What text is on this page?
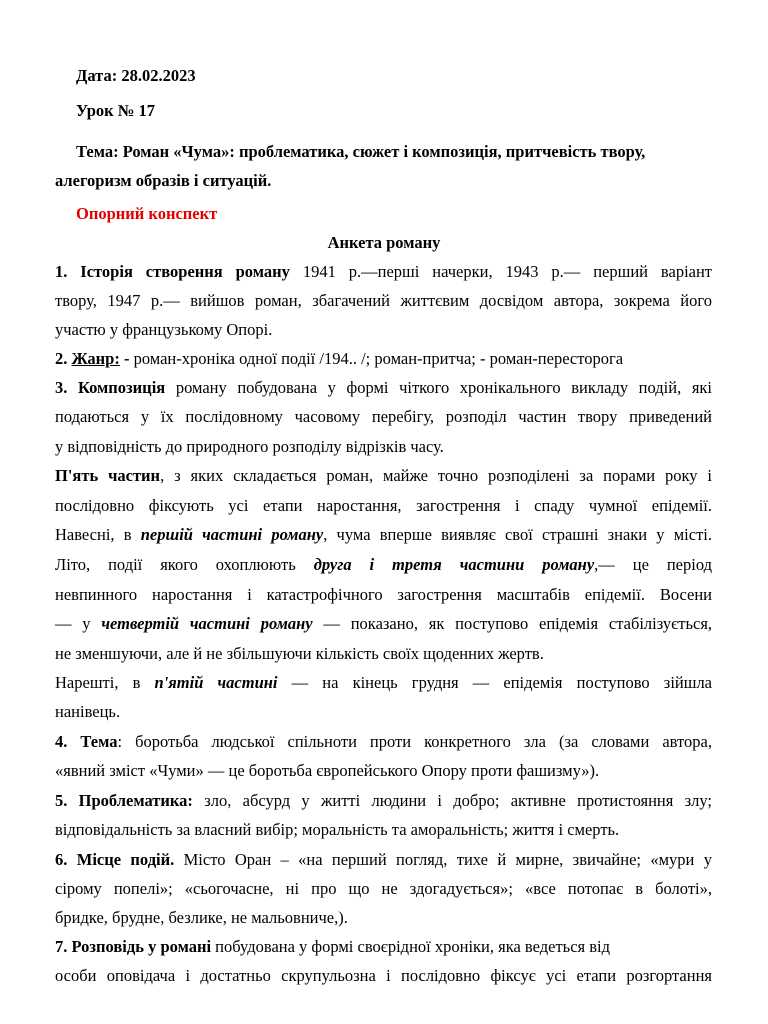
Дата: 28.02.2023
Урок № 17
Тема: Роман «Чума»: проблематика, сюжет і композиція, притчевість твору,
алегоризм образів і ситуацій.
Опорний конспект
Анкета роману
1. Історія створення роману 1941 р.—перші начерки, 1943 р.— перший варіант
твору, 1947 р.— вийшов роман, збагачений життєвим досвідом автора, зокрема його
участю у французькому Опорі.
2. Жанр: - роман-хроніка одної події /194.. /; роман-притча; - роман-пересторога
3. Композиція роману побудована у формі чіткого хронікального викладу подій, які
подаються у їх послідовному часовому перебігу, розподіл частин твору приведений
у відповідність до природного розподілу відрізків часу.
П'ять частин, з яких складається роман, майже точно розподілені за порами року і
послідовно фіксують усі етапи наростання, загострення і спаду чумної епідемії.
Навесні, в першій частині роману, чума вперше виявляє свої страшні знаки у місті.
Літо, події якого охоплюють друга і третя частини роману,— це період
невпинного наростання і катастрофічного загострення масштабів епідемії. Восени
— у четвертій частині роману — показано, як поступово епідемія стабілізується,
не зменшуючи, але й не збільшуючи кількість своїх щоденних жертв.
Нарешті, в п'ятій частині — на кінець грудня — епідемія поступово зійшла
нанівець.
4. Тема: боротьба людської спільноти проти конкретного зла (за словами автора,
«явний зміст «Чуми» — це боротьба європейського Опору проти фашизму»).
5. Проблематика: зло, абсурд у житті людини і добро; активне протистояння злу;
відповідальність за власний вибір; моральність та аморальність; життя і смерть.
6. Місце подій. Місто Оран – «на перший погляд, тихе й мирне, звичайне; «мури у
сірому попелі»; «сьогочасне, ні про що не здогадується»; «все потопає в болоті»,
бридке, брудне, безлике, не мальовниче,).
7. Розповідь у романі побудована у формі своєрідної хроніки, яка ведеться від
особи оповідача і достатньо скрупульозна і послідовно фіксує усі етапи розгортання
